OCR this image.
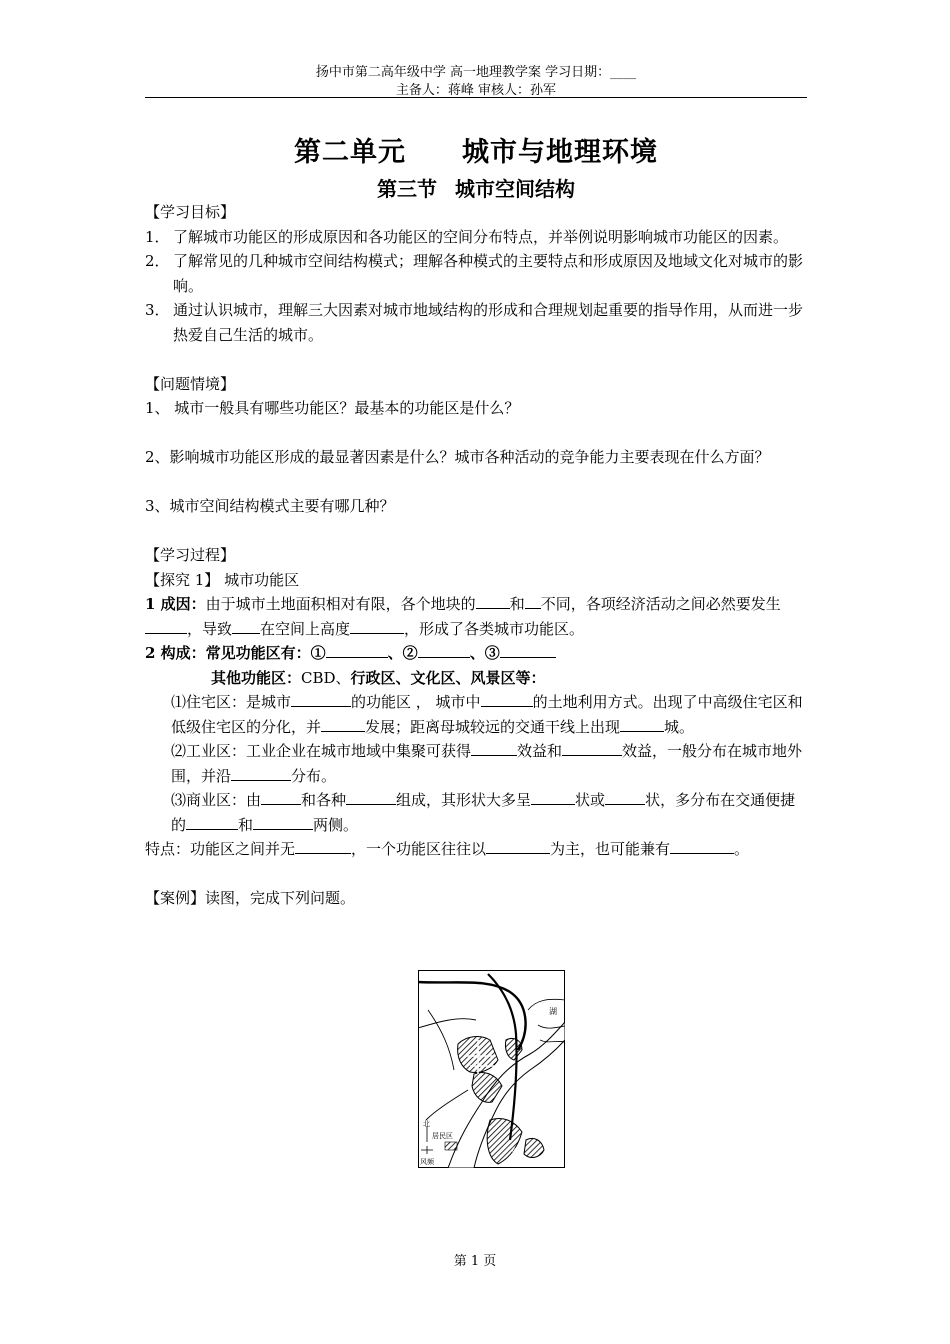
扬中市第二高年级中学 高一地理教学案 学习日期：____
主备人：蒋峰 审核人：孙军
第二单元 城市与地理环境
第三节 城市空间结构

【学习目标】

1． 了解城市功能区的形成原因和各功能区的空间分布特点，并举例说明影响城市功能区的因素。
2． 了解常见的几种城市空间结构模式；理解各种模式的主要特点和形成原因及地域文化对城市的影响。
3． 通过认识城市，理解三大因素对城市地域结构的形成和合理规划起重要的指导作用，从而进一步热爱自己生活的城市。

【问题情境】

1、 城市一般具有哪些功能区？最基本的功能区是什么？

2、影响城市功能区形成的最显著因素是什么？城市各种活动的竞争能力主要表现在什么方面？

3、城市空间结构模式主要有哪几种？

【学习过程】

【探究 1】 城市功能区

1 成因：由于城市土地面积相对有限，各个地块的 和 不同，各项经济活动之间必然要发生，导致 在空间上高度	，形成了各类城市功能区。

2 构成：常见功能区有：①	、②	、③

其他功能区：CBD、行政区、文化区、风景区等：

⑴住宅区：是城市	的功能区 ， 城市中	的土地利用方式。出现了中高级住宅区和低级住宅区的分化，并	发展；距离母城较远的交通干线上出现	城。

⑵工业区：工业企业在城市地域中集聚可获得	效益和	效益，一般分布在城市地外围，并沿	分布。

⑶商业区：由	和各种	组成，其形状大多呈	状或	状，多分布在交通便捷的	和	两侧。

特点：功能区之间并无	，一个功能区往往以	为主，也可能兼有	。

【案例】读图，完成下列问题。

湖
A
B
北
居民区
风频
第 1 页
